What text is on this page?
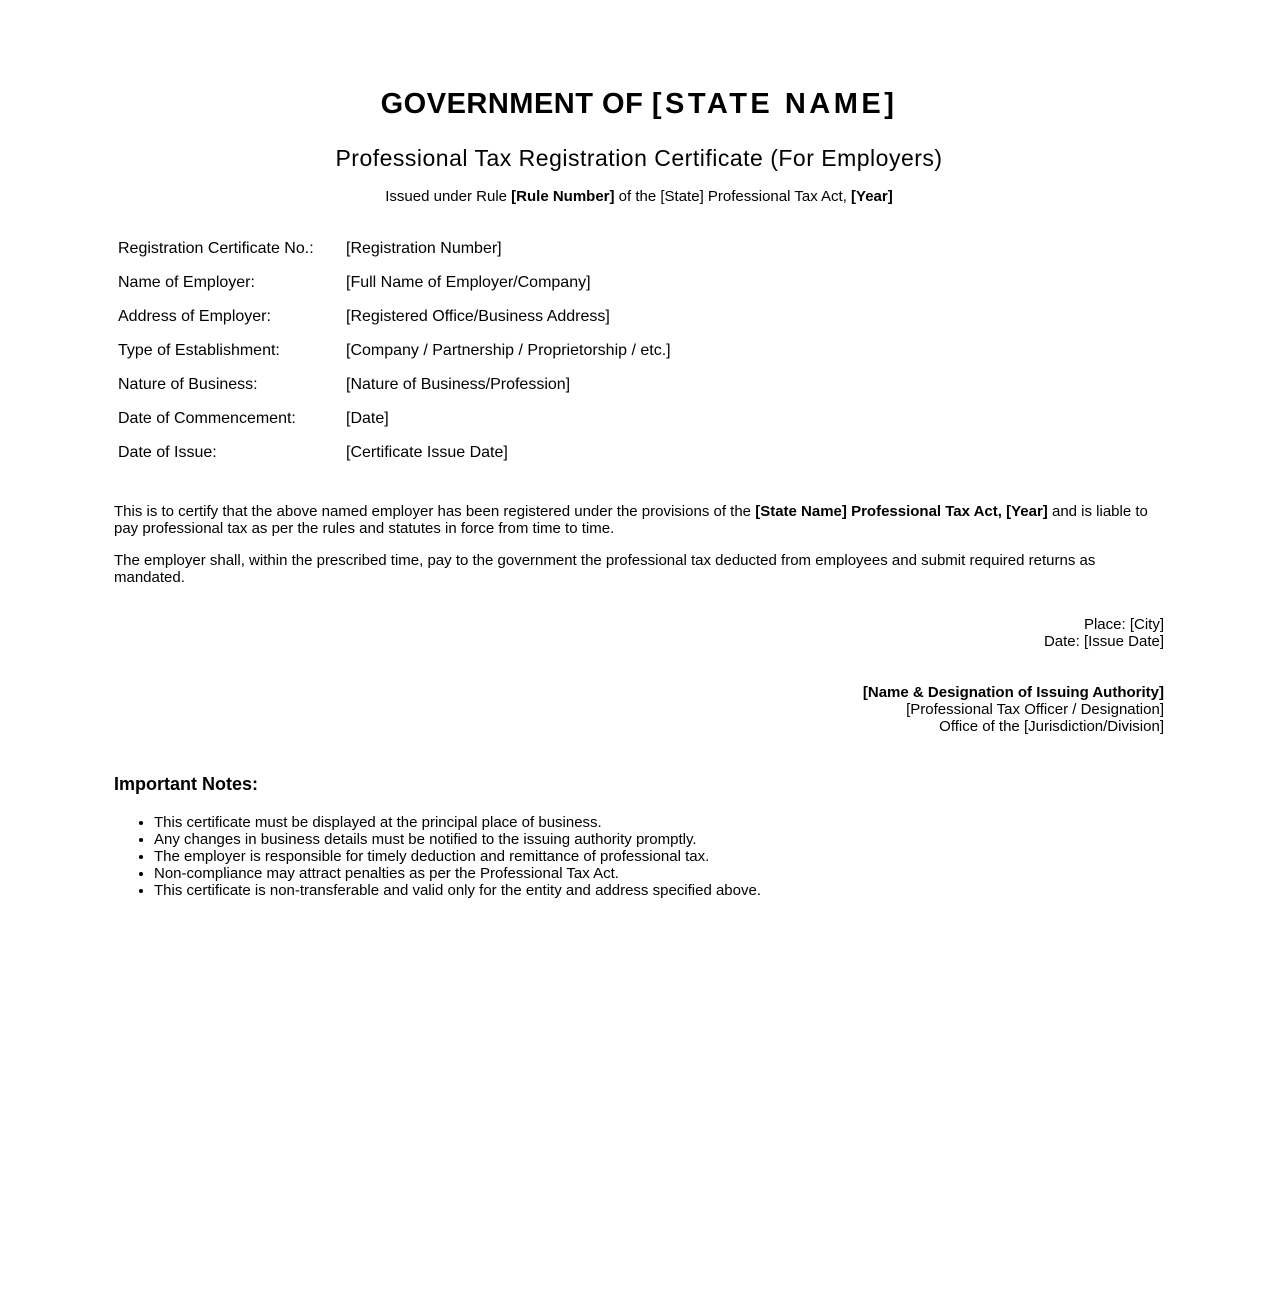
GOVERNMENT OF [STATE NAME]
Professional Tax Registration Certificate (For Employers)

Issued under Rule [Rule Number] of the [State] Professional Tax Act, [Year]

Registration Certificate No.:	[Registration Number]
Name of Employer:	[Full Name of Employer/Company]
Address of Employer:	[Registered Office/Business Address]
Type of Establishment:	[Company / Partnership / Proprietorship / etc.]
Nature of Business:	[Nature of Business/Profession]
Date of Commencement:	[Date]
Date of Issue:	[Certificate Issue Date]

This is to certify that the above named employer has been registered under the provisions of the [State Name] Professional Tax Act, [Year] and is liable to pay professional tax as per the rules and statutes in force from time to time.

The employer shall, within the prescribed time, pay to the government the professional tax deducted from employees and submit required returns as mandated.

Place: [City]
Date: [Issue Date]
[Name & Designation of Issuing Authority]
[Professional Tax Officer / Designation]
Office of the [Jurisdiction/Division]
Important Notes:
• This certificate must be displayed at the principal place of business.
• Any changes in business details must be notified to the issuing authority promptly.
• The employer is responsible for timely deduction and remittance of professional tax.
• Non-compliance may attract penalties as per the Professional Tax Act.
• This certificate is non-transferable and valid only for the entity and address specified above.
